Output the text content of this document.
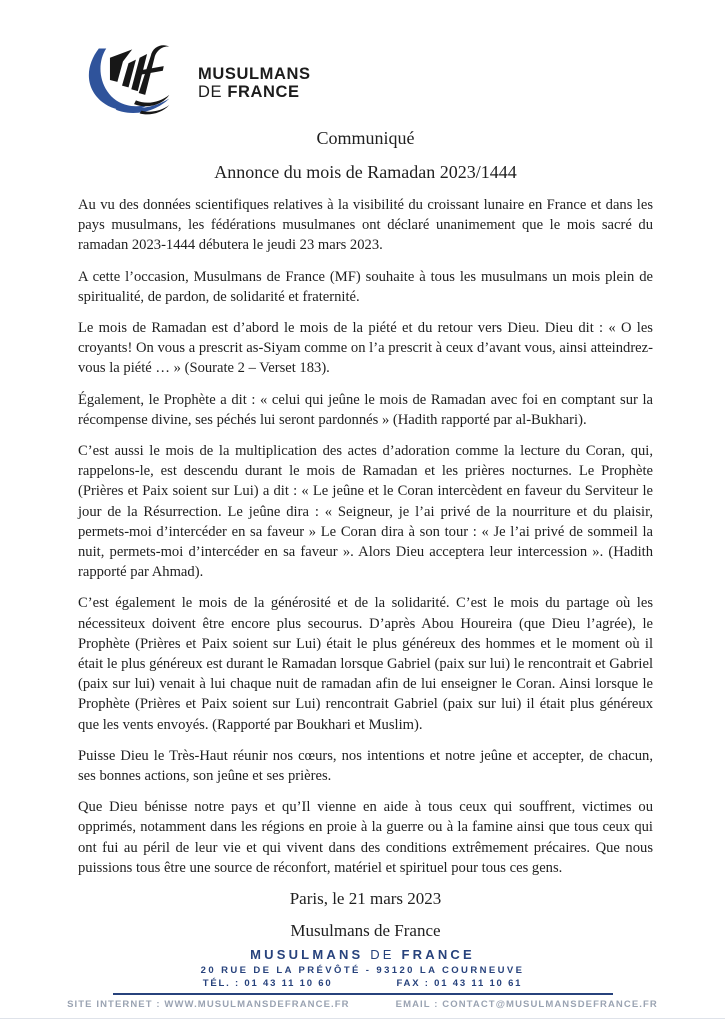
MUSULMANS
DE FRANCE
Communiqué
Annonce du mois de Ramadan 2023/1444

Au vu des données scientifiques relatives à la visibilité du croissant lunaire en France et dans les pays musulmans, les fédérations musulmanes ont déclaré unanimement que le mois sacré du ramadan 2023-1444 débutera le jeudi 23 mars 2023.

A cette l’occasion, Musulmans de France (MF) souhaite à tous les musulmans un mois plein de spiritualité, de pardon, de solidarité et fraternité.

Le mois de Ramadan est d’abord le mois de la piété et du retour vers Dieu. Dieu dit : « O les croyants! On vous a prescrit as-Siyam comme on l’a prescrit à ceux d’avant vous, ainsi atteindrez-vous la piété … » (Sourate 2 – Verset 183).

Également, le Prophète a dit : « celui qui jeûne le mois de Ramadan avec foi en comptant sur la récompense divine, ses péchés lui seront pardonnés » (Hadith rapporté par al-Bukhari).

C’est aussi le mois de la multiplication des actes d’adoration comme la lecture du Coran, qui, rappelons-le, est descendu durant le mois de Ramadan et les prières nocturnes. Le Prophète (Prières et Paix soient sur Lui) a dit : « Le jeûne et le Coran intercèdent en faveur du Serviteur le jour de la Résurrection. Le jeûne dira : « Seigneur, je l’ai privé de la nourriture et du plaisir, permets-moi d’intercéder en sa faveur » Le Coran dira à son tour : « Je l’ai privé de sommeil la nuit, permets-moi d’intercéder en sa faveur ». Alors Dieu acceptera leur intercession ». (Hadith rapporté par Ahmad).

C’est également le mois de la générosité et de la solidarité. C’est le mois du partage où les nécessiteux doivent être encore plus secourus. D’après Abou Houreira (que Dieu l’agrée), le Prophète (Prières et Paix soient sur Lui) était le plus généreux des hommes et le moment où il était le plus généreux est durant le Ramadan lorsque Gabriel (paix sur lui) le rencontrait et Gabriel (paix sur lui) venait à lui chaque nuit de ramadan afin de lui enseigner le Coran. Ainsi lorsque le Prophète (Prières et Paix soient sur Lui) rencontrait Gabriel (paix sur lui) il était plus généreux que les vents envoyés. (Rapporté par Boukhari et Muslim).

Puisse Dieu le Très-Haut réunir nos cœurs, nos intentions et notre jeûne et accepter, de chacun, ses bonnes actions, son jeûne et ses prières.

Que Dieu bénisse notre pays et qu’Il vienne en aide à tous ceux qui souffrent, victimes ou opprimés, notamment dans les régions en proie à la guerre ou à la famine ainsi que tous ceux qui ont fui au péril de leur vie et qui vivent dans des conditions extrêmement précaires. Que nous puissions tous être une source de réconfort, matériel et spirituel pour tous ces gens.

Paris, le 21 mars 2023

Musulmans de France

MUSULMANS DE FRANCE
20 RUE DE LA PRÉVÔTÉ - 93120 LA COURNEUVE
TÉL. : 01 43 11 10 60	FAX : 01 43 11 10 61
SITE INTERNET : WWW.MUSULMANSDEFRANCE.FR	EMAIL : CONTACT@MUSULMANSDEFRANCE.FR
